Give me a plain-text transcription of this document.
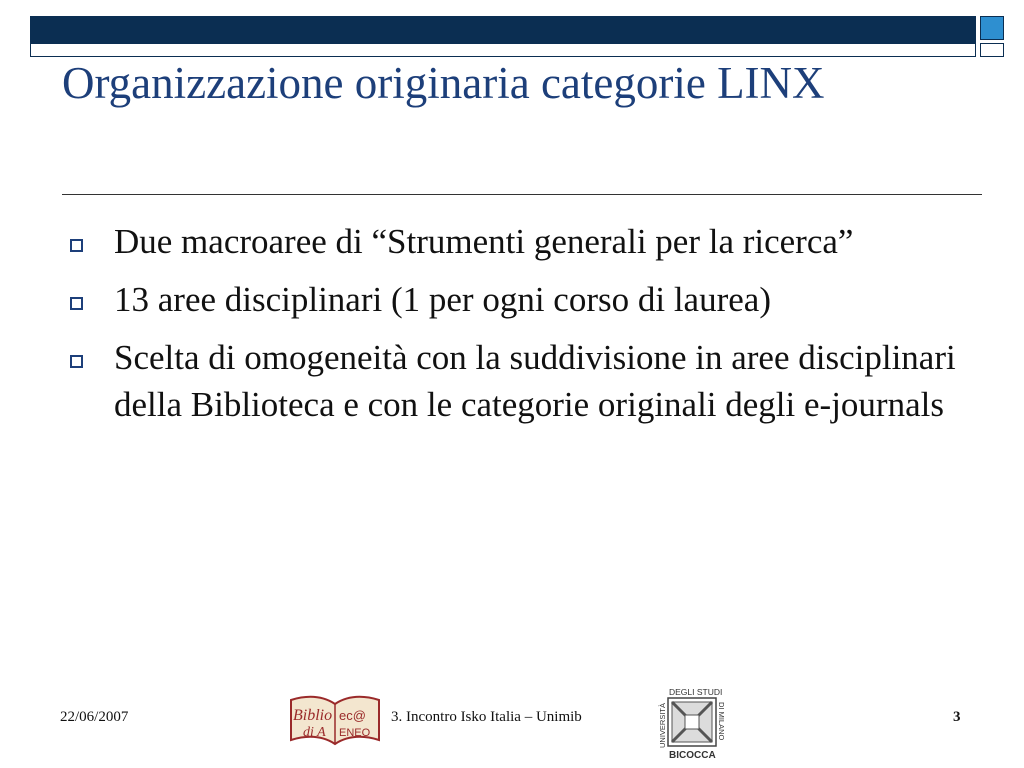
Organizzazione originaria categorie LINX
Due macroaree di “Strumenti generali per la ricerca”
13 aree disciplinari (1 per ogni corso di laurea)
Scelta di omogeneità con la suddivisione in aree disciplinari della Biblioteca e con le categorie originali degli e-journals
22/06/2007	Biblio ec@
di A ENEO
3. Incontro Isko Italia – Unimib
DEGLI STUDI
UNIVERSITÀ	DI MILANO
BICOCCA
3
